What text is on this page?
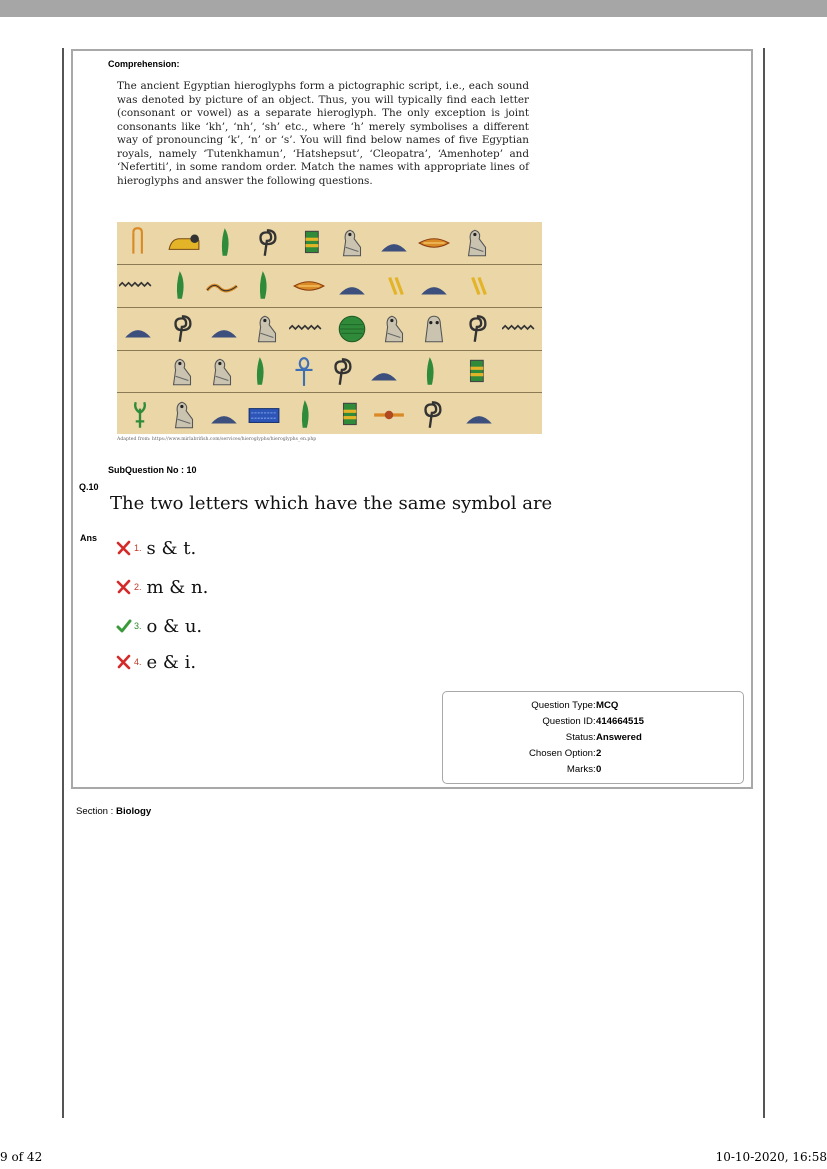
Comprehension:
The ancient Egyptian hieroglyphs form a pictographic script, i.e., each sound was denoted by picture of an object. Thus, you will typically find each letter (consonant or vowel) as a separate hieroglyph. The only exception is joint consonants like ‘kh’, ‘nh’, ‘sh’ etc., where ‘h’ merely symbolises a different way of pronouncing ‘k’, ‘n’ or ‘s’. You will find below names of five Egyptian royals, namely ‘Tutenkhamun’, ‘Hatshepsut’, ‘Cleopatra’, ‘Amenhotep’ and ‘Nefertiti’, in some random order. Match the names with appropriate lines of hieroglyphs and answer the following questions.
Adapted from: https://www.mirlabrifish.com/services/hieroglyphs/hieroglyphs_en.php
SubQuestion No : 10
Q.10
The two letters which have the same symbol are
Ans
1. s & t.
2. m & n.
3. o & u.
4. e & i.
Question Type : MCQ
Question ID : 414664515
Status : Answered
Chosen Option : 2
Marks : 0
Section : Biology
9 of 42	10-10-2020, 16:58
